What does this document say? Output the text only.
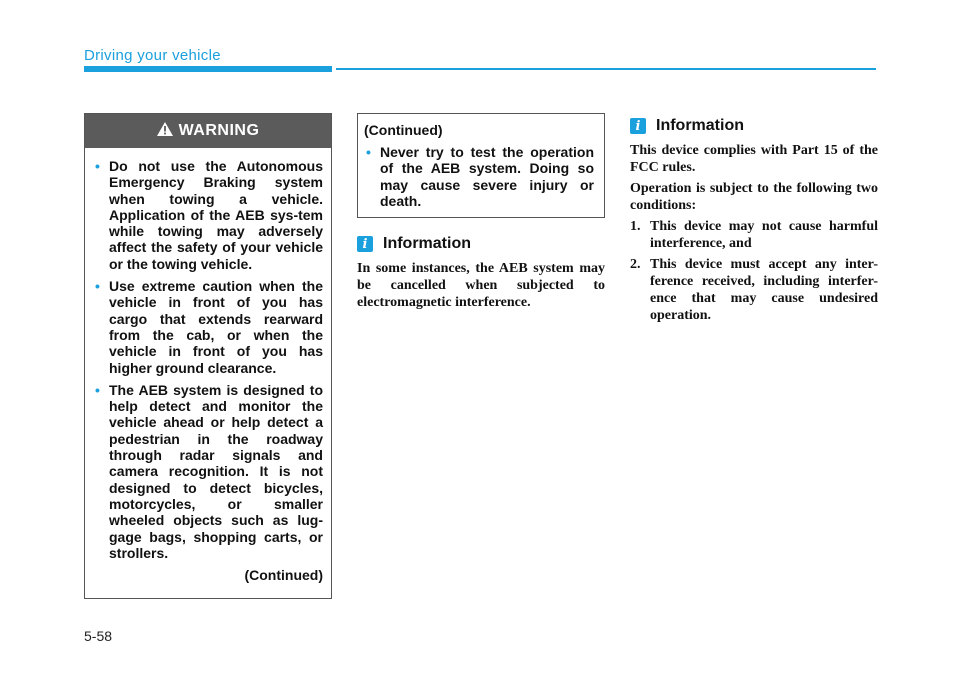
Driving your vehicle
WARNING
• Do not use the Autonomous Emergency Braking system when towing a vehicle. Application of the AEB sys-tem while towing may adversely affect the safety of your vehicle or the towing vehicle.
• Use extreme caution when the vehicle in front of you has cargo that extends rearward from the cab, or when the vehicle in front of you has higher ground clearance.
• The AEB system is designed to help detect and monitor the vehicle ahead or help detect a pedestrian in the roadway through radar signals and camera recognition. It is not designed to detect bicycles, motorcycles, or smaller wheeled objects such as lug-gage bags, shopping carts, or strollers.
(Continued)
(Continued)
• Never try to test the operation of the AEB system. Doing so may cause severe injury or death.
i Information
In some instances, the AEB system may be cancelled when subjected to electromagnetic interference.
i Information

This device complies with Part 15 of the FCC rules.

Operation is subject to the following two conditions:

1. This device may not cause harmful interference, and
2. This device must accept any inter-ference received, including interfer-ence that may cause undesired operation.
5-58
